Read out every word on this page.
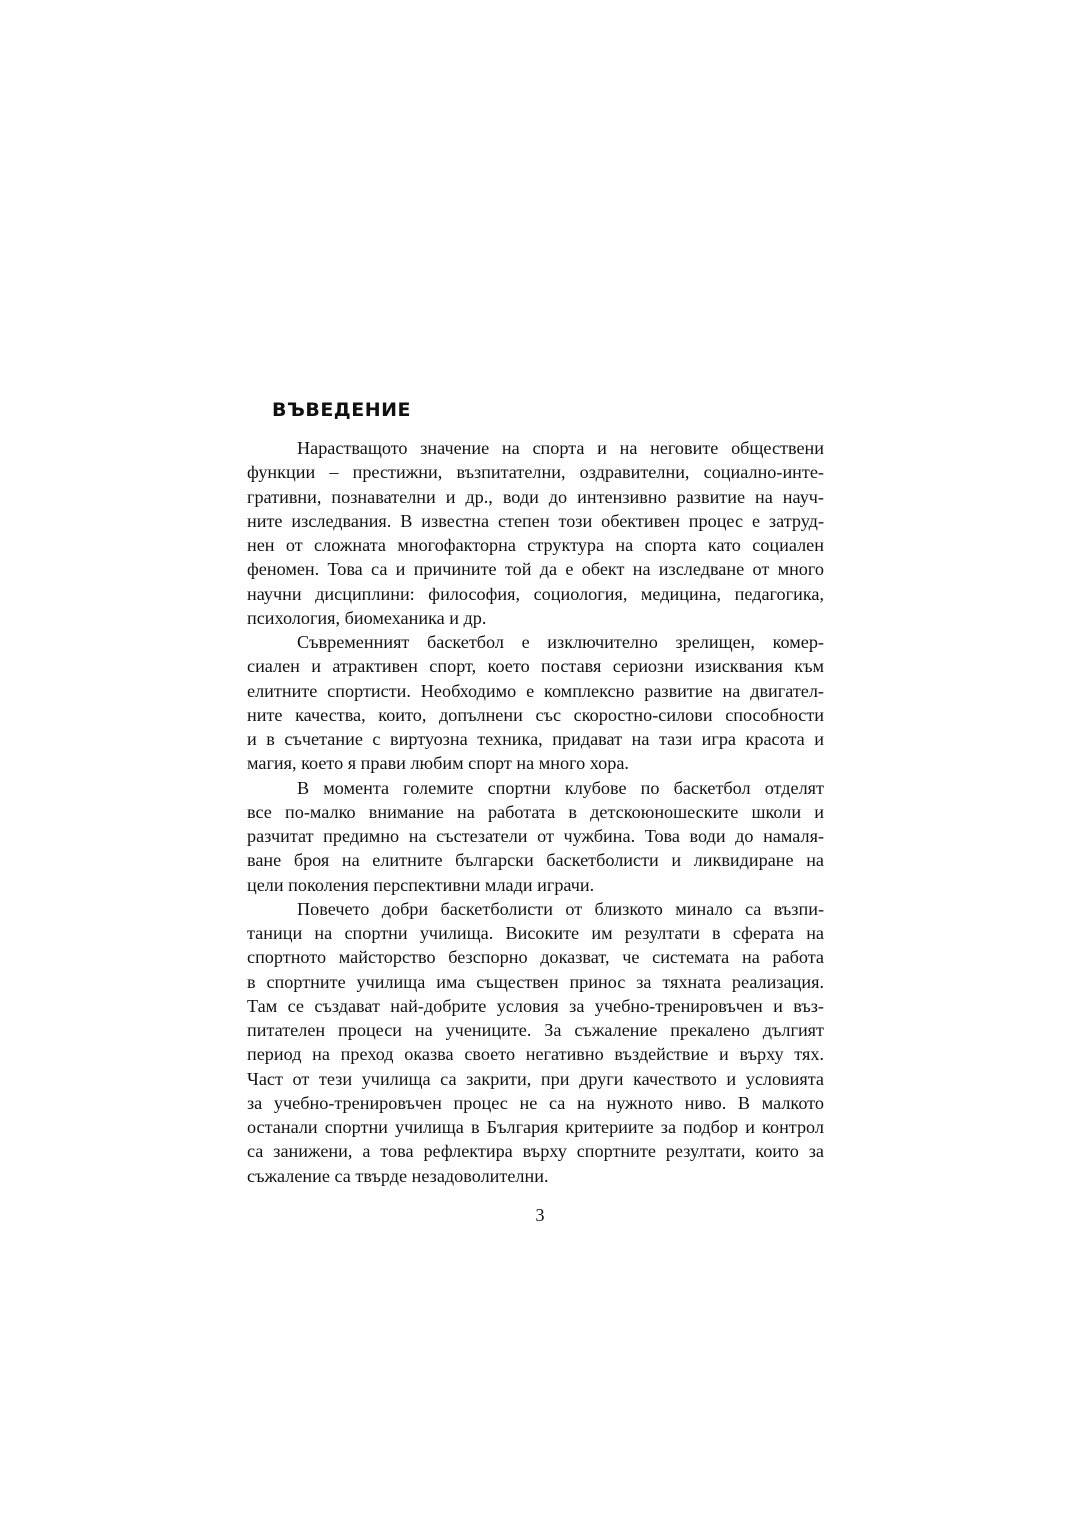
ВЪВЕДЕНИЕ

Нарастващото значение на спорта и на неговите обществени
функции – престижни, възпитателни, оздравителни, социално-инте-
гративни, познавателни и др., води до интензивно развитие на науч-
ните изследвания. В известна степен този обективен процес е затруд-
нен от сложната многофакторна структура на спорта като социален
феномен. Това са и причините той да е обект на изследване от много
научни дисциплини: философия, социология, медицина, педагогика,
психология, биомеханика и др.

Съвременният баскетбол е изключително зрелищен, комер-
сиален и атрактивен спорт, което поставя сериозни изисквания към
елитните спортисти. Необходимо е комплексно развитие на двигател-
ните качества, които, допълнени със скоростно-силови способности
и в съчетание с виртуозна техника, придават на тази игра красота и
магия, което я прави любим спорт на много хора.

В момента големите спортни клубове по баскетбол отделят
все по-малко внимание на работата в детскоюношеските школи и
разчитат предимно на състезатели от чужбина. Това води до намаля-
ване броя на елитните български баскетболисти и ликвидиране на
цели поколения перспективни млади играчи.

Повечето добри баскетболисти от близкото минало са възпи-
таници на спортни училища. Високите им резултати в сферата на
спортното майсторство безспорно доказват, че системата на работа
в спортните училища има съществен принос за тяхната реализация.
Там се създават най-добрите условия за учебно-тренировъчен и въз-
питателен процеси на учениците. За съжаление прекалено дългият
период на преход оказва своето негативно въздействие и върху тях.
Част от тези училища са закрити, при други качеството и условията
за учебно-тренировъчен процес не са на нужното ниво. В малкото
останали спортни училища в България критериите за подбор и контрол
са занижени, а това рефлектира върху спортните резултати, които за
съжаление са твърде незадоволителни.

3
